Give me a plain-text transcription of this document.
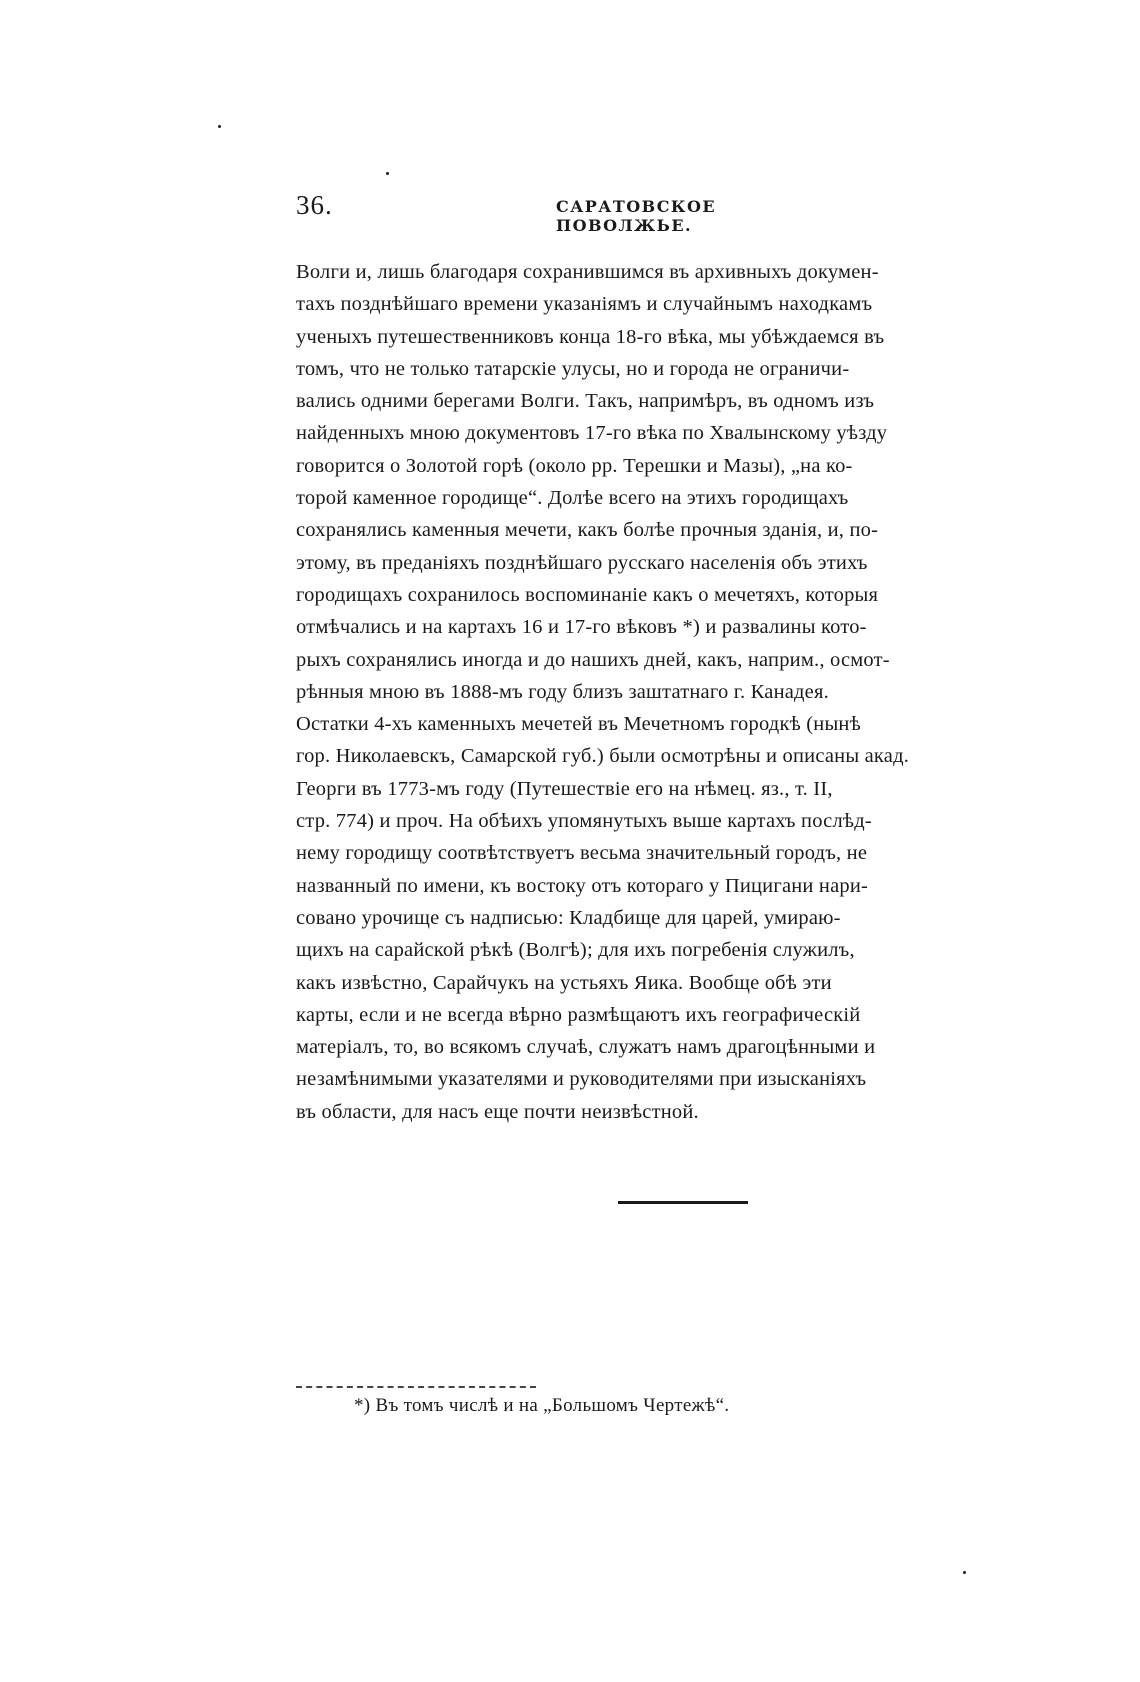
36.	САРАТОВСКОЕ ПОВОЛЖЬЕ.
Волги и, лишь благодаря сохранившимся въ архивныхъ докумен-
тахъ позднѣйшаго времени указаніямъ и случайнымъ находкамъ
ученыхъ путешественниковъ конца 18-го вѣка, мы убѣждаемся въ
томъ, что не только татарскіе улусы, но и города не ограничи-
вались одними берегами Волги. Такъ, напримѣръ, въ одномъ изъ
найденныхъ мною документовъ 17-го вѣка по Хвалынскому уѣзду
говорится о Золотой горѣ (около рр. Терешки и Мазы), „на ко-
торой каменное городище“. Долѣе всего на этихъ городищахъ
сохранялись каменныя мечети, какъ болѣе прочныя зданія, и, по-
этому, въ преданіяхъ позднѣйшаго русскаго населенія объ этихъ
городищахъ сохранилось воспоминаніе какъ о мечетяхъ, которыя
отмѣчались и на картахъ 16 и 17-го вѣковъ *) и развалины кото-
рыхъ сохранялись иногда и до нашихъ дней, какъ, наприм., осмот-
рѣнныя мною въ 1888-мъ году близъ заштатнаго г. Канадея.
Остатки 4-хъ каменныхъ мечетей въ Мечетномъ городкѣ (нынѣ
гор. Николаевскъ, Самарской губ.) были осмотрѣны и описаны акад.
Георги въ 1773-мъ году (Путешествіе его на нѣмец. яз., т. II,
стр. 774) и проч. На обѣихъ упомянутыхъ выше картахъ послѣд-
нему городищу соотвѣтствуетъ весьма значительный городъ, не
названный по имени, къ востоку отъ котораго у Пицигани нари-
совано урочище съ надписью: Кладбище для царей, умираю-
щихъ на сарайской рѣкѣ (Волгѣ); для ихъ погребенія служилъ,
какъ извѣстно, Сарайчукъ на устьяхъ Яика. Вообще обѣ эти
карты, если и не всегда вѣрно размѣщаютъ ихъ географическій
матеріалъ, то, во всякомъ случаѣ, служатъ намъ драгоцѣнными и
незамѣнимыми указателями и руководителями при изысканіяхъ
въ области, для насъ еще почти неизвѣстной.
*) Въ томъ числѣ и на „Большомъ Чертежѣ“.
